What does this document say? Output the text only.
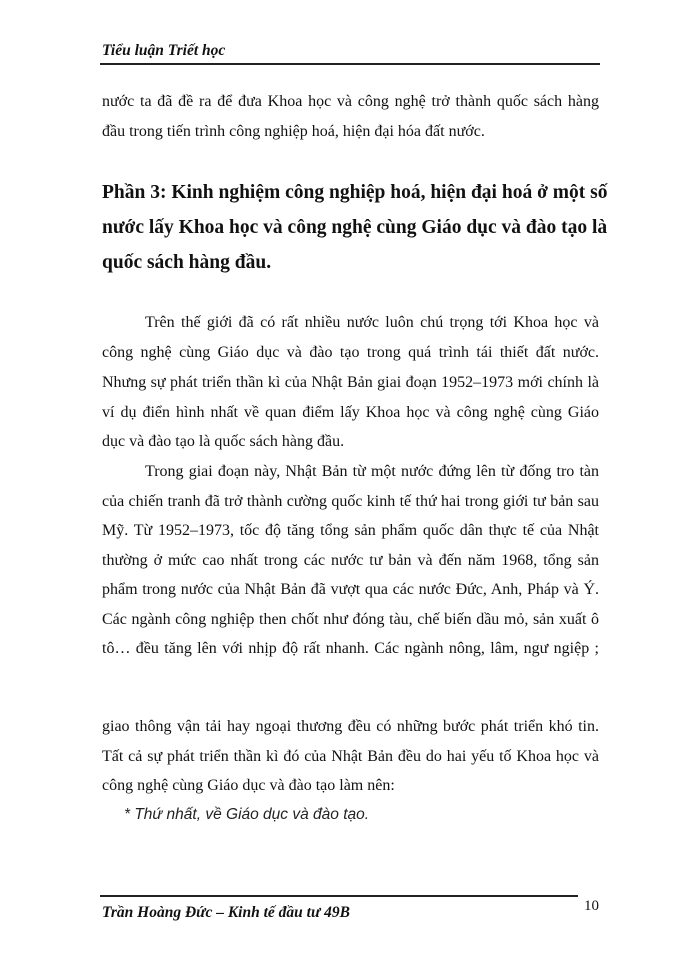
Tiểu luận Triết học
nước ta đã đề ra để đưa Khoa học và công nghệ trở thành quốc sách hàng
đầu trong tiến trình công nghiệp hoá, hiện đại hóa đất nước.
Phần 3: Kinh nghiệm công nghiệp hoá, hiện đại hoá ở một số
nước lấy Khoa học và công nghệ cùng Giáo dục và đào tạo là
quốc sách hàng đầu.
Trên thế giới đã có rất nhiều nước luôn chú trọng tới Khoa học và
công nghệ cùng Giáo dục và đào tạo trong quá trình tái thiết đất nước.
Nhưng sự phát triển thần kì của Nhật Bản giai đoạn 1952–1973 mới chính là
ví dụ điển hình nhất về quan điểm lấy Khoa học và công nghệ cùng Giáo
dục và đào tạo là quốc sách hàng đầu.
Trong giai đoạn này, Nhật Bản từ một nước đứng lên từ đống tro tàn
của chiến tranh đã trở thành cường quốc kinh tế thứ hai trong giới tư bản sau
Mỹ. Từ 1952–1973, tốc độ tăng tổng sản phẩm quốc dân thực tế của Nhật
thường ở mức cao nhất trong các nước tư bản và đến năm 1968, tổng sản
phẩm trong nước của Nhật Bản đã vượt qua các nước Đức, Anh, Pháp và Ý.
Các ngành công nghiệp then chốt như đóng tàu, chế biến dầu mỏ, sản xuất ô
tô… đều tăng lên với nhịp độ rất nhanh. Các ngành nông, lâm, ngư ngiệp ;
giao thông vận tải hay ngoại thương đều có những bước phát triển khó tin.
Tất cả sự phát triển thần kì đó của Nhật Bản đều do hai yếu tố Khoa học và
công nghệ cùng Giáo dục và đào tạo làm nên:
* Thứ nhất, về Giáo dục và đào tạo.
Trần Hoàng Đức – Kinh tế đầu tư 49B	10
